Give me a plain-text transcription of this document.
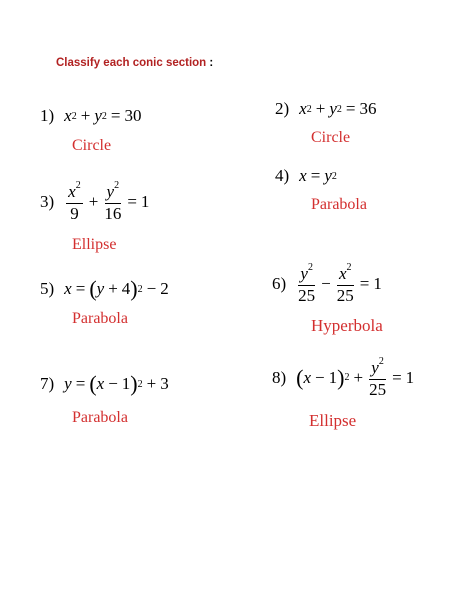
Classify each conic section :
1) x 2 + y 2 = 30
Circle
2) x 2 + y 2 = 36
Circle
$3) \frac{x^2}{9} + \frac{y^2}{16} = 1$
Ellipse
4) x = y 2
Parabola
5) x = ( y + 4 ) 2 − 2
Parabola
$6) \frac{y^2}{25} - \frac{x^2}{25} = 1$
Hyperbola
7) y = ( x − 1 ) 2 + 3
Parabola
8) ( x − 1 ) $2 + \frac{y^2}{25} = 1$
Ellipse
